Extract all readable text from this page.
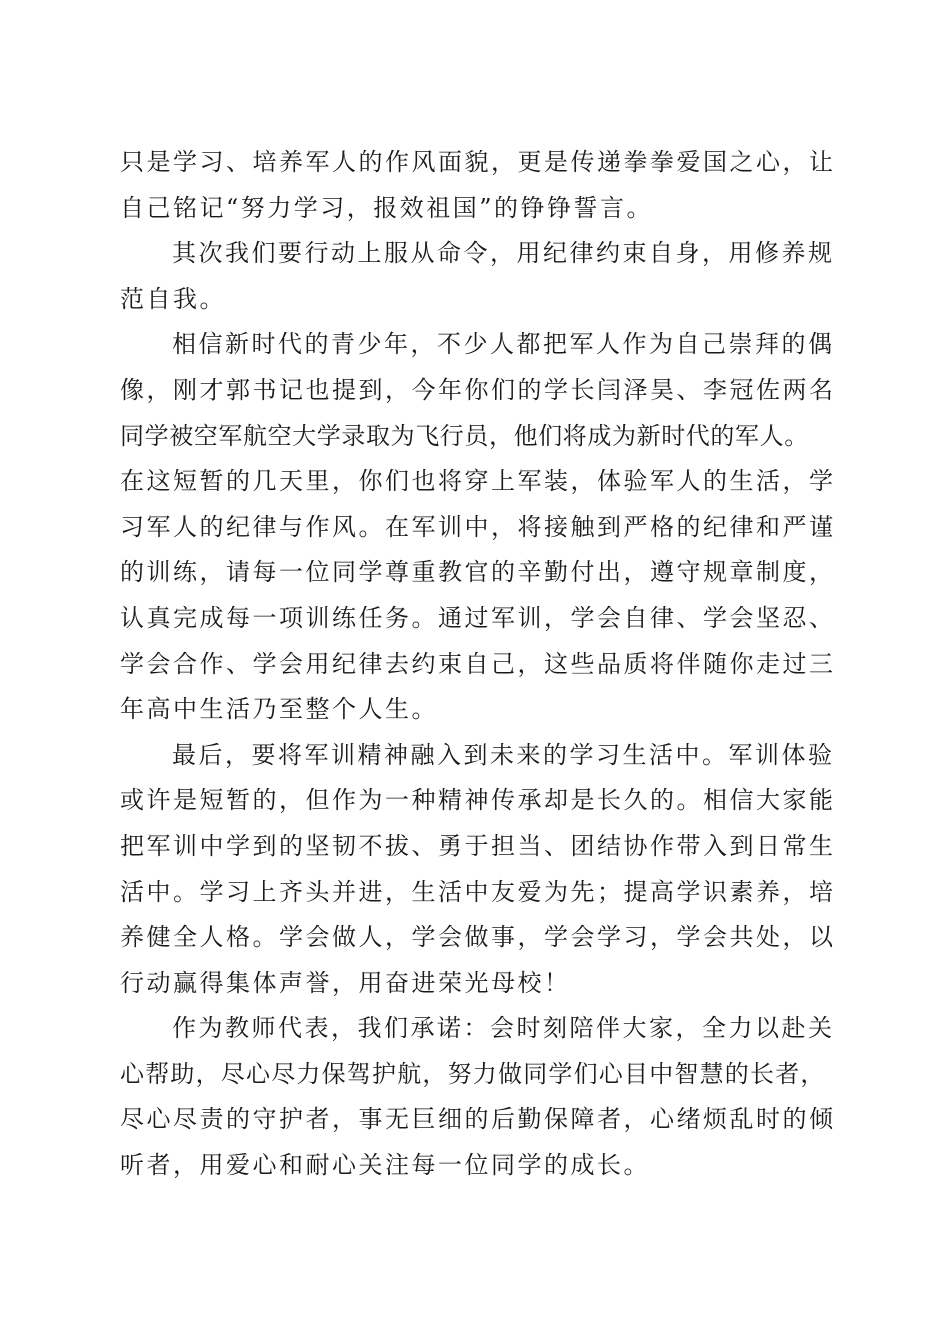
只是学习、培养军人的作风面貌，更是传递拳拳爱国之心，让
自己铭记“努力学习，报效祖国”的铮铮誓言。
其次我们要行动上服从命令，用纪律约束自身，用修养规
范自我。
相信新时代的青少年，不少人都把军人作为自己崇拜的偶
像，刚才郭书记也提到，今年你们的学长闫泽昊、李冠佐两名
同学被空军航空大学录取为飞行员，他们将成为新时代的军人。
在这短暂的几天里，你们也将穿上军装，体验军人的生活，学
习军人的纪律与作风。在军训中，将接触到严格的纪律和严谨
的训练，请每一位同学尊重教官的辛勤付出，遵守规章制度，
认真完成每一项训练任务。通过军训，学会自律、学会坚忍、
学会合作、学会用纪律去约束自己，这些品质将伴随你走过三
年高中生活乃至整个人生。
最后，要将军训精神融入到未来的学习生活中。军训体验
或许是短暂的，但作为一种精神传承却是长久的。相信大家能
把军训中学到的坚韧不拔、勇于担当、团结协作带入到日常生
活中。学习上齐头并进，生活中友爱为先；提高学识素养，培
养健全人格。学会做人，学会做事，学会学习，学会共处，以
行动赢得集体声誉，用奋进荣光母校！
作为教师代表，我们承诺：会时刻陪伴大家，全力以赴关
心帮助，尽心尽力保驾护航，努力做同学们心目中智慧的长者，
尽心尽责的守护者，事无巨细的后勤保障者，心绪烦乱时的倾
听者，用爱心和耐心关注每一位同学的成长。
